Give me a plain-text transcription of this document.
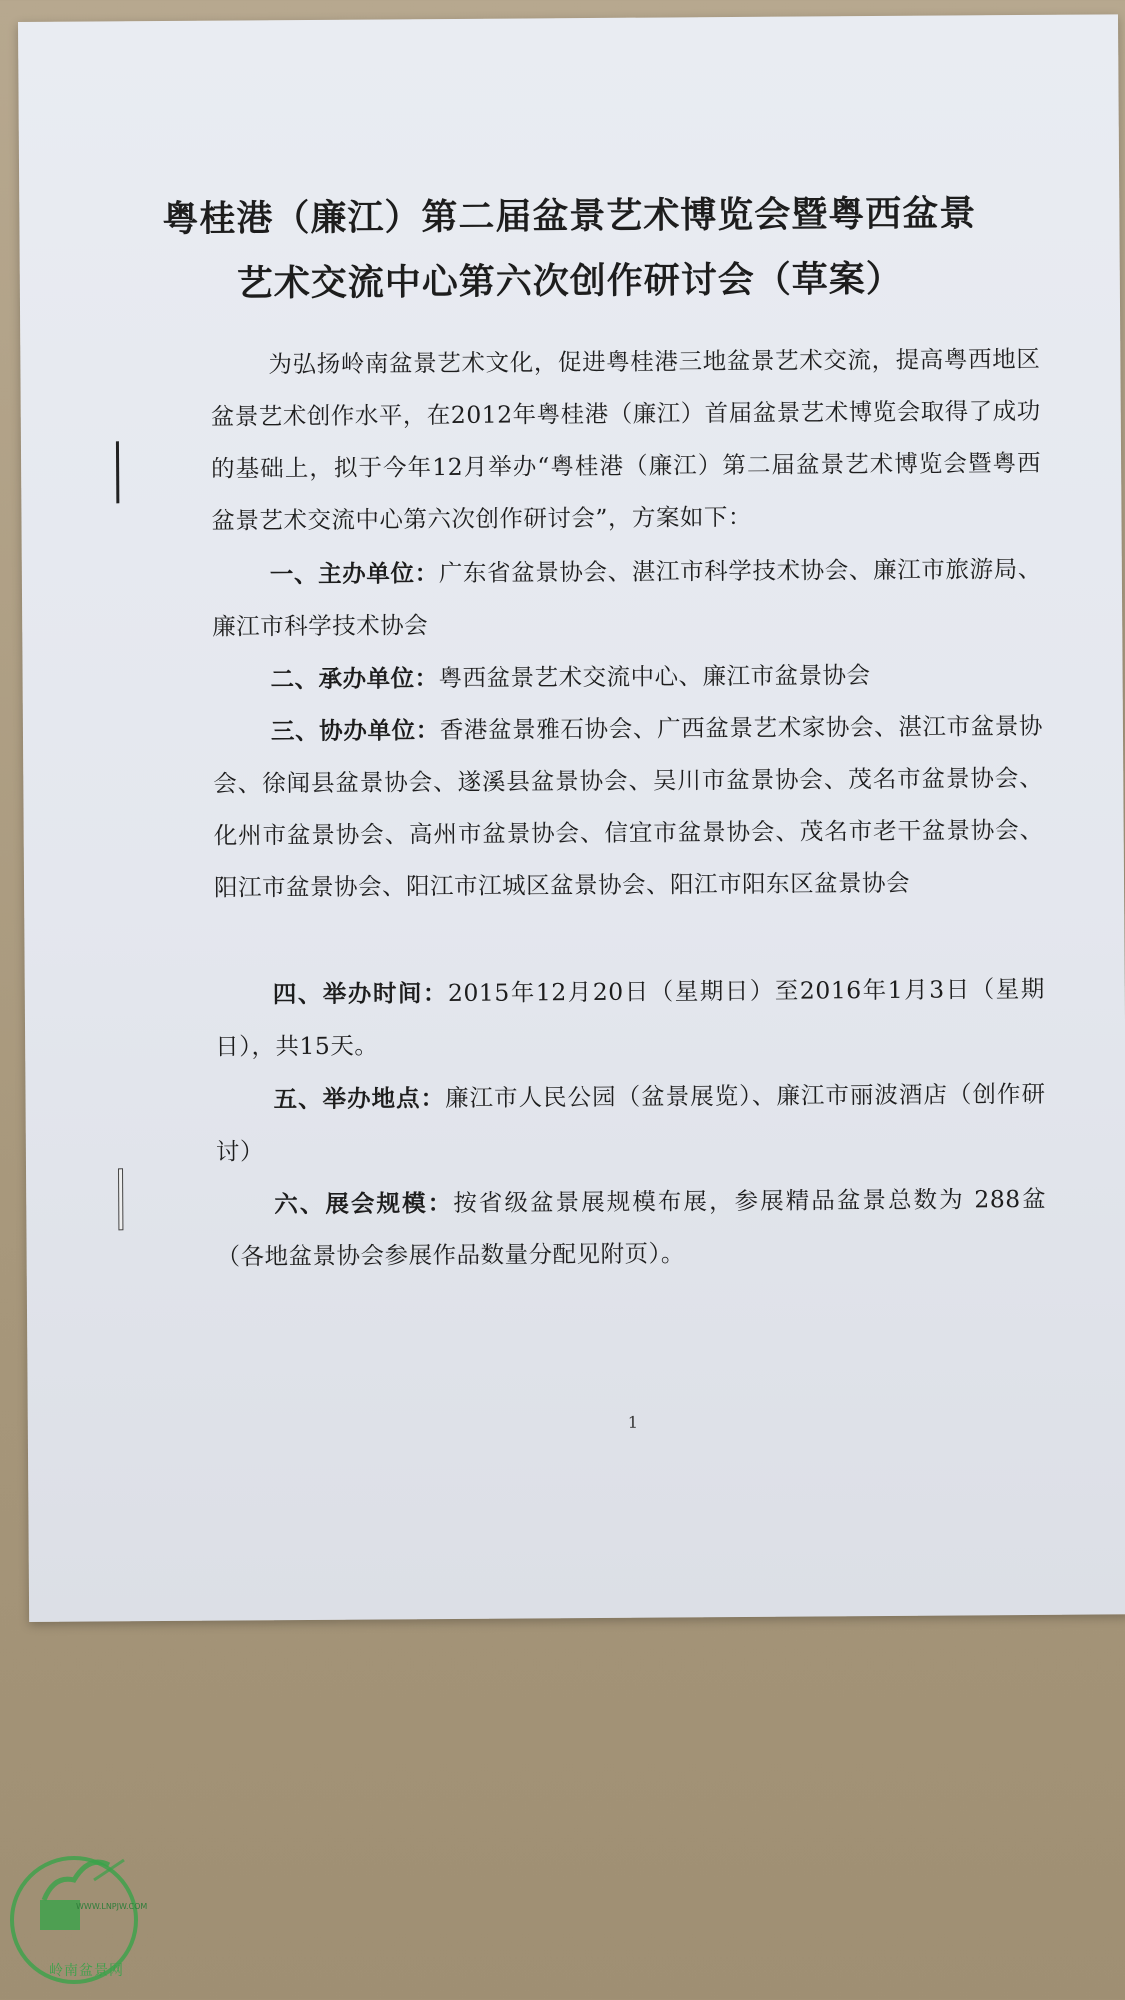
粤桂港（廉江）第二届盆景艺术博览会暨粤西盆景
艺术交流中心第六次创作研讨会（草案）
为弘扬岭南盆景艺术文化，促进粤桂港三地盆景艺术交流，提高粤西地区盆景艺术创作水平，在2012年粤桂港（廉江）首届盆景艺术博览会取得了成功的基础上，拟于今年12月举办“粤桂港（廉江）第二届盆景艺术博览会暨粤西盆景艺术交流中心第六次创作研讨会”，方案如下：
一、主办单位：广东省盆景协会、湛江市科学技术协会、廉江市旅游局、廉江市科学技术协会
二、承办单位：粤西盆景艺术交流中心、廉江市盆景协会
三、协办单位：香港盆景雅石协会、广西盆景艺术家协会、湛江市盆景协会、徐闻县盆景协会、遂溪县盆景协会、吴川市盆景协会、茂名市盆景协会、化州市盆景协会、高州市盆景协会、信宜市盆景协会、茂名市老干盆景协会、阳江市盆景协会、阳江市江城区盆景协会、阳江市阳东区盆景协会
四、举办时间：2015年12月20日（星期日）至2016年1月3日（星期日），共15天。
五、举办地点：廉江市人民公园（盆景展览）、廉江市丽波酒店（创作研讨）
六、展会规模：按省级盆景展规模布展，参展精品盆景总数为 288盆（各地盆景协会参展作品数量分配见附页）。
1
WWW.LNPJW.COM
岭南盆景网
